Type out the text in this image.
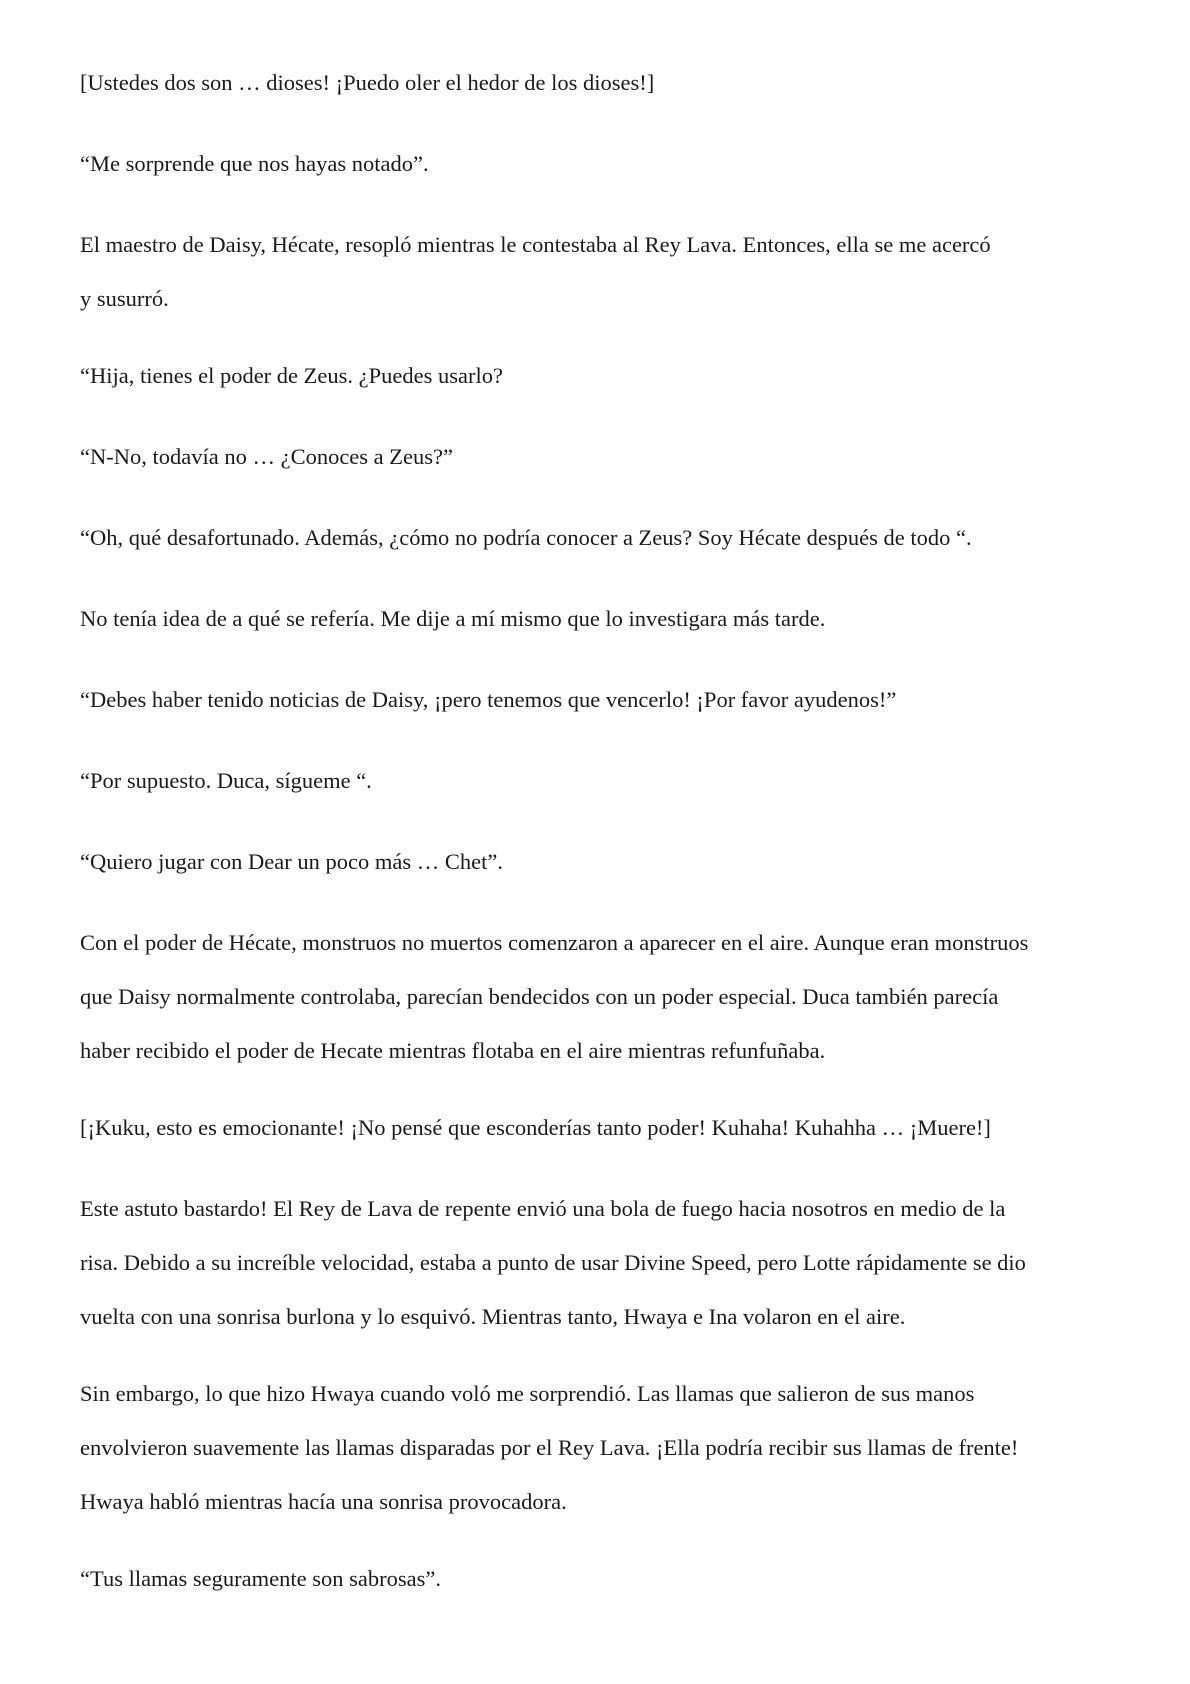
[Ustedes dos son … dioses! ¡Puedo oler el hedor de los dioses!]

“Me sorprende que nos hayas notado”.

El maestro de Daisy, Hécate, resopló mientras le contestaba al Rey Lava. Entonces, ella se me acercó
y susurró.

“Hija, tienes el poder de Zeus. ¿Puedes usarlo?

“N-No, todavía no … ¿Conoces a Zeus?”

“Oh, qué desafortunado. Además, ¿cómo no podría conocer a Zeus? Soy Hécate después de todo “.

No tenía idea de a qué se refería. Me dije a mí mismo que lo investigara más tarde.

“Debes haber tenido noticias de Daisy, ¡pero tenemos que vencerlo! ¡Por favor ayudenos!”

“Por supuesto. Duca, sígueme “.

“Quiero jugar con Dear un poco más … Chet”.

Con el poder de Hécate, monstruos no muertos comenzaron a aparecer en el aire. Aunque eran monstruos
que Daisy normalmente controlaba, parecían bendecidos con un poder especial. Duca también parecía
haber recibido el poder de Hecate mientras flotaba en el aire mientras refunfuñaba.

[¡Kuku, esto es emocionante! ¡No pensé que esconderías tanto poder! Kuhaha! Kuhahha … ¡Muere!]

Este astuto bastardo! El Rey de Lava de repente envió una bola de fuego hacia nosotros en medio de la
risa. Debido a su increíble velocidad, estaba a punto de usar Divine Speed, pero Lotte rápidamente se dio
vuelta con una sonrisa burlona y lo esquivó. Mientras tanto, Hwaya e Ina volaron en el aire.

Sin embargo, lo que hizo Hwaya cuando voló me sorprendió. Las llamas que salieron de sus manos
envolvieron suavemente las llamas disparadas por el Rey Lava. ¡Ella podría recibir sus llamas de frente!
Hwaya habló mientras hacía una sonrisa provocadora.

“Tus llamas seguramente son sabrosas”.
